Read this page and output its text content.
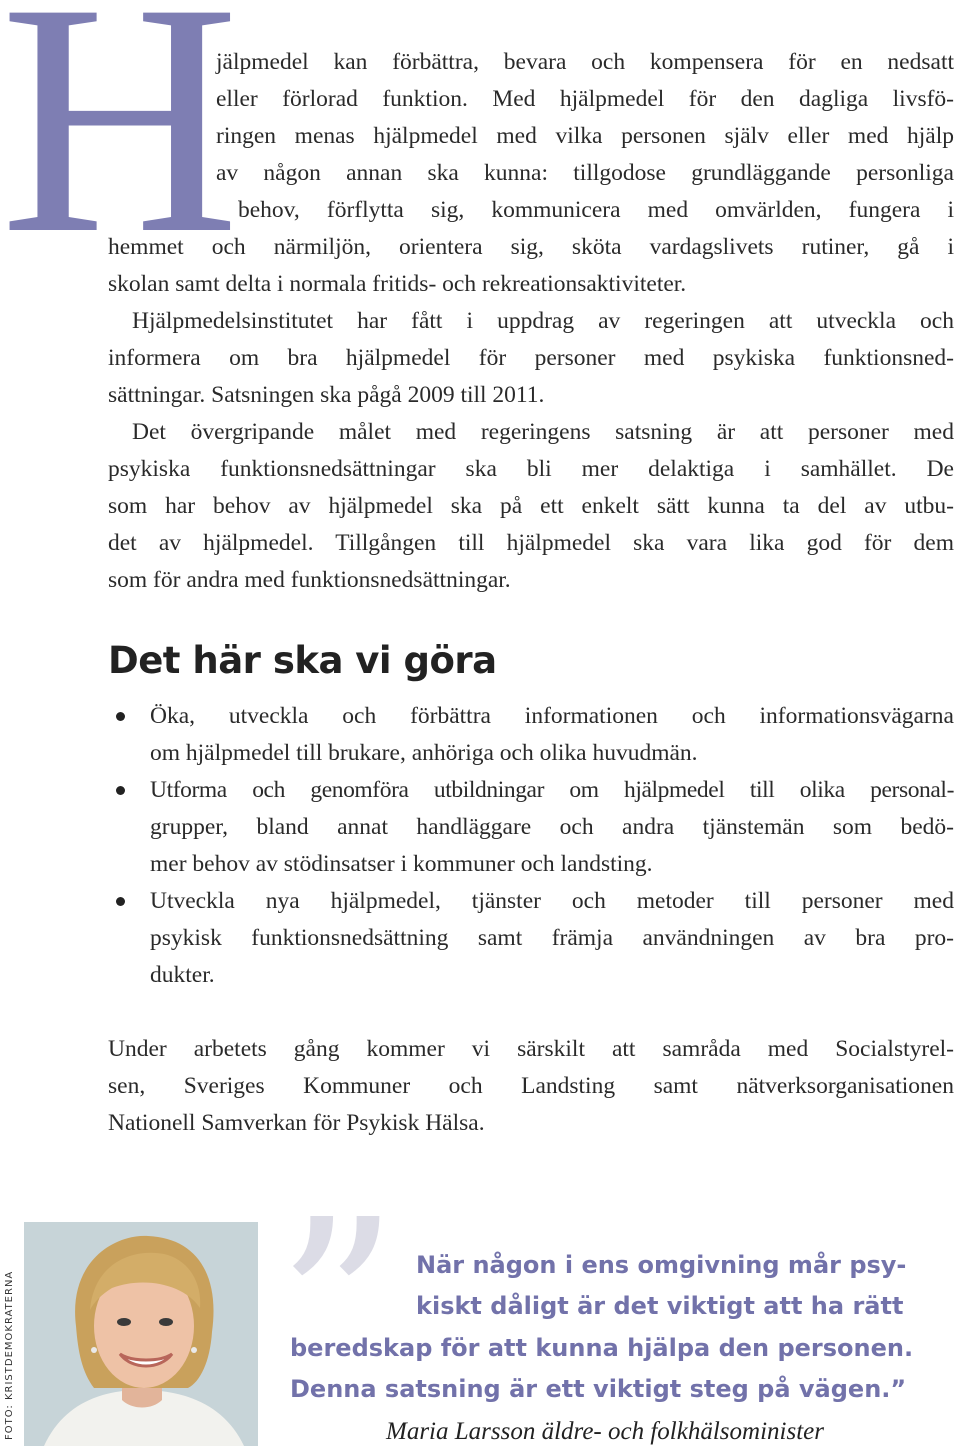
H
jälpmedel kan förbättra, bevara och kompensera för en nedsatt
eller förlorad funktion. Med hjälpmedel för den dagliga livsfö-
ringen menas hjälpmedel med vilka personen själv eller med hjälp
av någon annan ska kunna: tillgodose grundläggande personliga
behov, förflytta sig, kommunicera med omvärlden, fungera i
hemmet och närmiljön, orientera sig, sköta vardagslivets rutiner, gå i
skolan samt delta i normala fritids- och rekreationsaktiviteter.
Hjälpmedelsinstitutet har fått i uppdrag av regeringen att utveckla och
informera om bra hjälpmedel för personer med psykiska funktionsned-
sättningar. Satsningen ska pågå 2009 till 2011.
Det övergripande målet med regeringens satsning är att personer med
psykiska funktionsnedsättningar ska bli mer delaktiga i samhället. De
som har behov av hjälpmedel ska på ett enkelt sätt kunna ta del av utbu-
det av hjälpmedel. Tillgången till hjälpmedel ska vara lika god för dem
som för andra med funktionsnedsättningar.
Det här ska vi göra
Öka, utveckla och förbättra informationen och informationsvägarna
om hjälpmedel till brukare, anhöriga och olika huvudmän.
Utforma och genomföra utbildningar om hjälpmedel till olika personal-
grupper, bland annat handläggare och andra tjänstemän som bedö-
mer behov av stödinsatser i kommuner och landsting.
Utveckla nya hjälpmedel, tjänster och metoder till personer med
psykisk funktionsnedsättning samt främja användningen av bra pro-
dukter.
Under arbetets gång kommer vi särskilt att samråda med Socialstyrel-
sen, Sveriges Kommuner och Landsting samt nätverksorganisationen
Nationell Samverkan för Psykisk Hälsa.
FOTO: KRISTDEMOKRATERNA ” När någon i ens omgivning mår psy-
kiskt dåligt är det viktigt att ha rätt
beredskap för att kunna hjälpa den personen.
Denna satsning är ett viktigt steg på vägen.”
Maria Larsson äldre- och folkhälsominister
